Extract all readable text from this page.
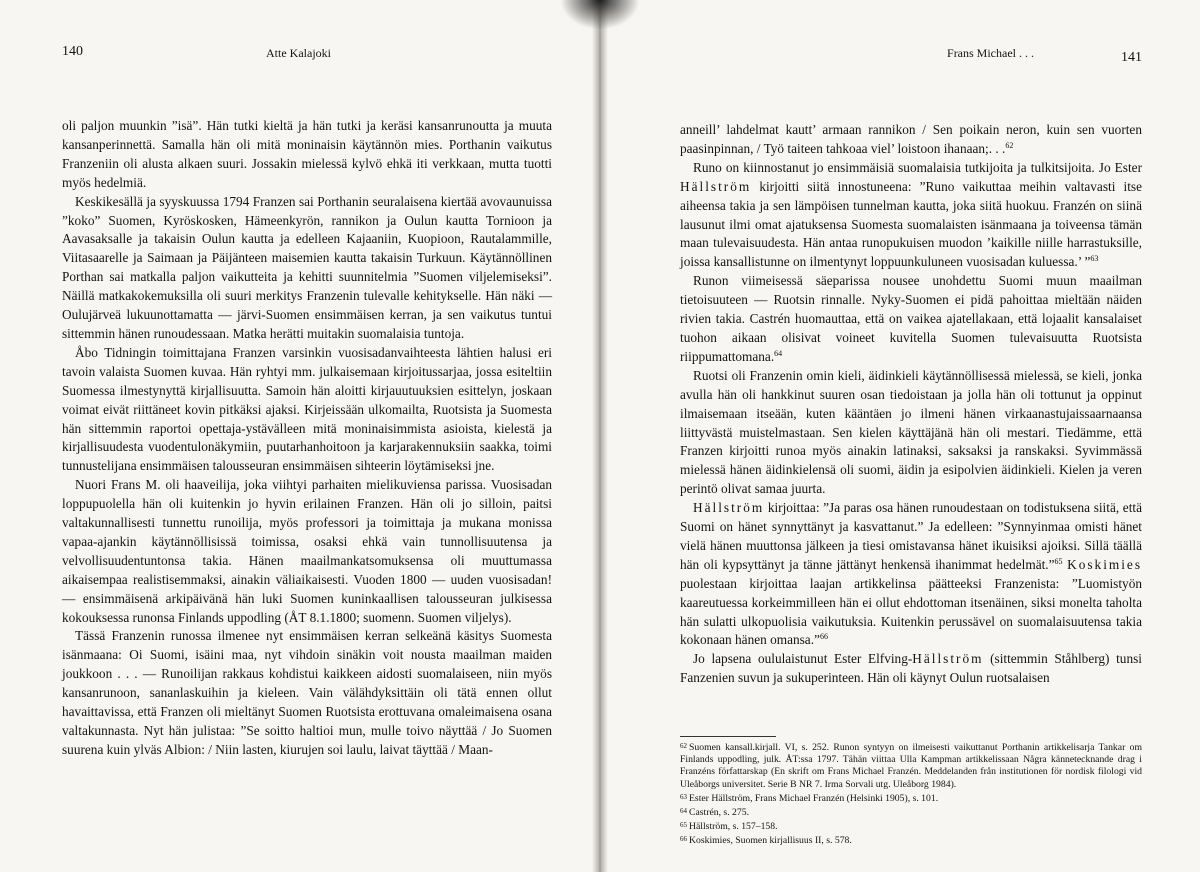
140	Atte Kalajoki

oli paljon muunkin ”isä”. Hän tutki kieltä ja hän tutki ja keräsi kansanrunoutta ja muuta kansanperinnettä. Samalla hän oli mitä moninaisin käytännön mies. Porthanin vaikutus Franzeniin oli alusta alkaen suuri. Jossakin mielessä kylvö ehkä iti verkkaan, mutta tuotti myös hedelmiä.

Keskikesällä ja syyskuussa 1794 Franzen sai Porthanin seuralaisena kiertää avovaunuissa ”koko” Suomen, Kyröskosken, Hämeenkyrön, rannikon ja Oulun kautta Tornioon ja Aavasaksalle ja takaisin Oulun kautta ja edelleen Kajaaniin, Kuopioon, Rautalammille, Viitasaarelle ja Saimaan ja Päijänteen maisemien kautta takaisin Turkuun. Käytännöllinen Porthan sai matkalla paljon vaikutteita ja kehitti suunnitelmia ”Suomen viljelemiseksi”. Näillä matkakokemuksilla oli suuri merkitys Franzenin tulevalle kehitykselle. Hän näki — Oulujärveä lukuunottamatta — järvi-Suomen ensimmäisen kerran, ja sen vaikutus tuntui sittemmin hänen runoudessaan. Matka herätti muitakin suomalaisia tuntoja.

Åbo Tidningin toimittajana Franzen varsinkin vuosisadanvaihteesta lähtien halusi eri tavoin valaista Suomen kuvaa. Hän ryhtyi mm. julkaisemaan kirjoitussarjaa, jossa esiteltiin Suomessa ilmestynyttä kirjallisuutta. Samoin hän aloitti kirjauutuuksien esittelyn, joskaan voimat eivät riittäneet kovin pitkäksi ajaksi. Kirjeissään ulkomailta, Ruotsista ja Suomesta hän sittemmin raportoi opettaja-ystävälleen mitä moninaisimmista asioista, kielestä ja kirjallisuudesta vuodentulonäkymiin, puutarhanhoitoon ja karjarakennuksiin saakka, toimi tunnustelijana ensimmäisen talousseuran ensimmäisen sihteerin löytämiseksi jne.

Nuori Frans M. oli haaveilija, joka viihtyi parhaiten mielikuviensa parissa. Vuosisadan loppupuolella hän oli kuitenkin jo hyvin erilainen Franzen. Hän oli jo silloin, paitsi valtakunnallisesti tunnettu runoilija, myös professori ja toimittaja ja mukana monissa vapaa-ajankin käytännöllisissä toimissa, osaksi ehkä vain tunnollisuutensa ja velvollisuudentuntonsa takia. Hänen maailmankatsomuksensa oli muuttumassa aikaisempaa realistisemmaksi, ainakin väliaikaisesti. Vuoden 1800 — uuden vuosisadan! — ensimmäisenä arkipäivänä hän luki Suomen kuninkaallisen talousseuran julkisessa kokouksessa runonsa Finlands uppodling (ÅT 8.1.1800; suomenn. Suomen viljelys).

Tässä Franzenin runossa ilmenee nyt ensimmäisen kerran selkeänä käsitys Suomesta isänmaana: Oi Suomi, isäini maa, nyt vihdoin sinäkin voit nousta maailman maiden joukkoon . . . — Runoilijan rakkaus kohdistui kaikkeen aidosti suomalaiseen, niin myös kansanrunoon, sananlaskuihin ja kieleen. Vain välähdyksittäin oli tätä ennen ollut havaittavissa, että Franzen oli mieltänyt Suomen Ruotsista erottuvana omaleimaisena osana valtakunnasta. Nyt hän julistaa: ”Se soitto haltioi mun, mulle toivo näyttää / Jo Suomen suurena kuin ylväs Albion: / Niin lasten, kiurujen soi laulu, laivat täyttää / Maan-

Frans Michael . . .	141

anneill’ lahdelmat kautt’ armaan rannikon / Sen poikain neron, kuin sen vuorten paasinpinnan, / Työ taiteen tahkoaa viel’ loistoon ihanaan;. . .$^{62}$

Runo on kiinnostanut jo ensimmäisiä suomalaisia tutkijoita ja tulkitsijoita. Jo Ester Hällström kirjoitti siitä innostuneena: ”Runo vaikuttaa meihin valtavasti itse aiheensa takia ja sen lämpöisen tunnelman kautta, joka siitä huokuu. Franzén on siinä lausunut ilmi omat ajatuksensa Suomesta suomalaisten isänmaana ja toiveensa tämän maan tulevaisuudesta. Hän antaa runopukuisen muodon ’kaikille niille harrastuksille, joissa kansallistunne on ilmentynyt loppuunkuluneen vuosisadan kuluessa.’ ”$^{63}$

Runon viimeisessä säeparissa nousee unohdettu Suomi muun maailman tietoisuuteen — Ruotsin rinnalle. Nyky-Suomen ei pidä pahoittaa mieltään näiden rivien takia. Castrén huomauttaa, että on vaikea ajatellakaan, että lojaalit kansalaiset tuohon aikaan olisivat voineet kuvitella Suomen tulevaisuutta Ruotsista riippumattomana.$^{64}$

Ruotsi oli Franzenin omin kieli, äidinkieli käytännöllisessä mielessä, se kieli, jonka avulla hän oli hankkinut suuren osan tiedoistaan ja jolla hän oli tottunut ja oppinut ilmaisemaan itseään, kuten kääntäen jo ilmeni hänen virkaanastujaissaarnaansa liittyvästä muistelmastaan. Sen kielen käyttäjänä hän oli mestari. Tiedämme, että Franzen kirjoitti runoa myös ainakin latinaksi, saksaksi ja ranskaksi. Syvimmässä mielessä hänen äidinkielensä oli suomi, äidin ja esipolvien äidinkieli. Kielen ja veren perintö olivat samaa juurta.

Hällström kirjoittaa: ”Ja paras osa hänen runoudestaan on todistuksena siitä, että Suomi on hänet synnyttänyt ja kasvattanut.” Ja edelleen: ”Synnyinmaa omisti hänet vielä hänen muuttonsa jälkeen ja tiesi omistavansa hänet ikuisiksi ajoiksi. Sillä täällä hän oli kypsyttänyt ja tänne jättänyt henkensä ihanimmat hedelmät.”$^{65}$ Koskimies puolestaan kirjoittaa laajan artikkelinsa päätteeksi Franzenista: ”Luomistyön kaareutuessa korkeimmilleen hän ei ollut ehdottoman itsenäinen, siksi monelta taholta hän sulatti ulkopuolisia vaikutuksia. Kuitenkin perussävel on suomalaisuutensa takia kokonaan hänen omansa.”$^{66}$

Jo lapsena oululaistunut Ester Elfving-Hällström (sittemmin Ståhlberg) tunsi Fanzenien suvun ja sukuperinteen. Hän oli käynyt Oulun ruotsalaisen

$^{62}$ Suomen kansall.kirjall. VI, s. 252. Runon syntyyn on ilmeisesti vaikuttanut Porthanin artikkelisarja Tankar om Finlands uppodling, julk. ÅT:ssa 1797. Tähän viittaa Ulla Kampman artikkelissaan Några kännetecknande drag i Franzéns författarskap (En skrift om Frans Michael Franzén. Meddelanden från institutionen för nordisk filologi vid Uleåborgs universitet. Serie B NR 7. Irma Sorvali utg. Uleåborg 1984).

$^{63}$ Ester Hällström, Frans Michael Franzén (Helsinki 1905), s. 101.

$^{64}$ Castrén, s. 275.

$^{65}$ Hällström, s. 157–158.

$^{66}$ Koskimies, Suomen kirjallisuus II, s. 578.
